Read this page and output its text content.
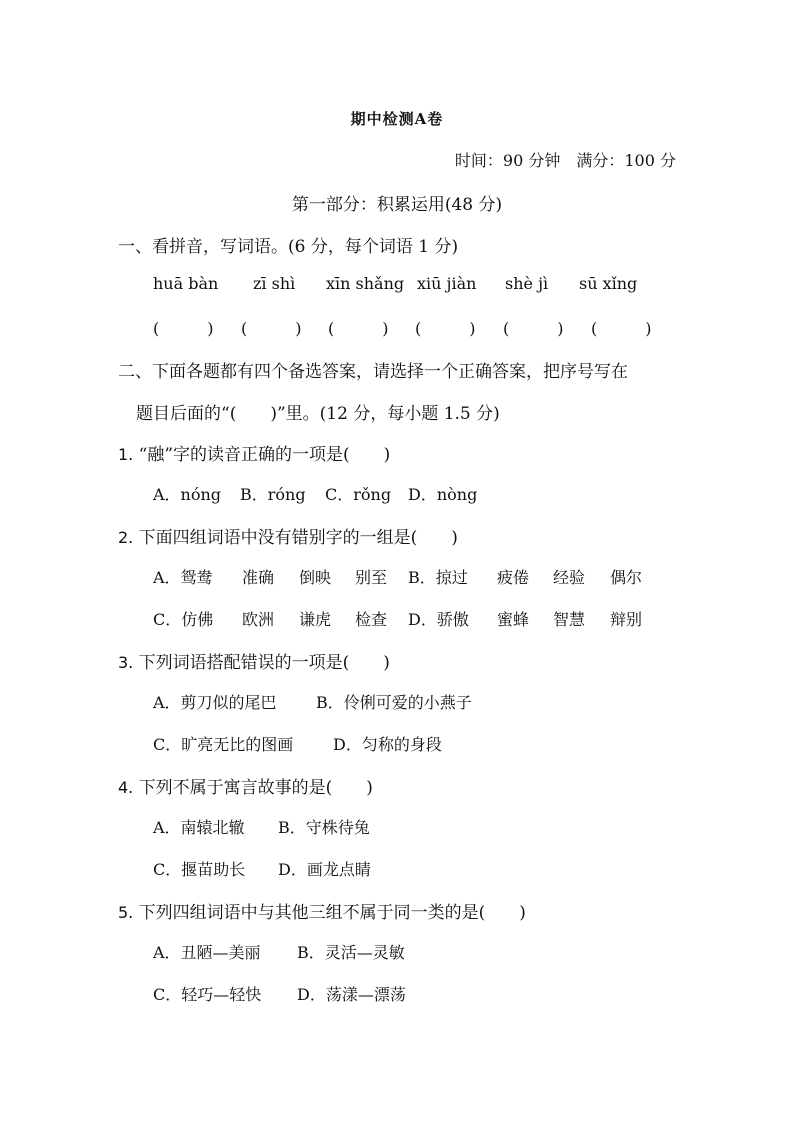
期中检测A卷
时间：90 分钟　满分：100 分
第一部分：积累运用(48 分)
一、看拼音，写词语。(6 分，每个词语 1 分)
huā bàn zī shì xīn shǎng xiū jiàn shè jì sū xǐng
(　　　) (　　　) (　　　) (　　　) (　　　) (　　　)
二、下面各题都有四个备选答案，请选择一个正确答案，把序号写在
题目后面的“(　　)”里。(12 分，每小题 1.5 分)
1. “融”字的读音正确的一项是(　　)
A．nóng B．róng C．rǒng D．nòng
2. 下面四组词语中没有错别字的一组是(　　)
A．鸳鸯 准确 倒映 别至 B．掠过 疲倦 经验 偶尔
C．仿佛 欧洲 谦虎 检查 D．骄傲 蜜蜂 智慧 辩别
3. 下列词语搭配错误的一项是(　　)
A．剪刀似的尾巴 B．伶俐可爱的小燕子
C．旷亮无比的图画 D．匀称的身段
4. 下列不属于寓言故事的是(　　)
A．南辕北辙 B．守株待兔
C．揠苗助长 D．画龙点睛
5. 下列四组词语中与其他三组不属于同一类的是(　　)
A．丑陋—美丽 B．灵活—灵敏
C．轻巧—轻快 D．荡漾—漂荡
